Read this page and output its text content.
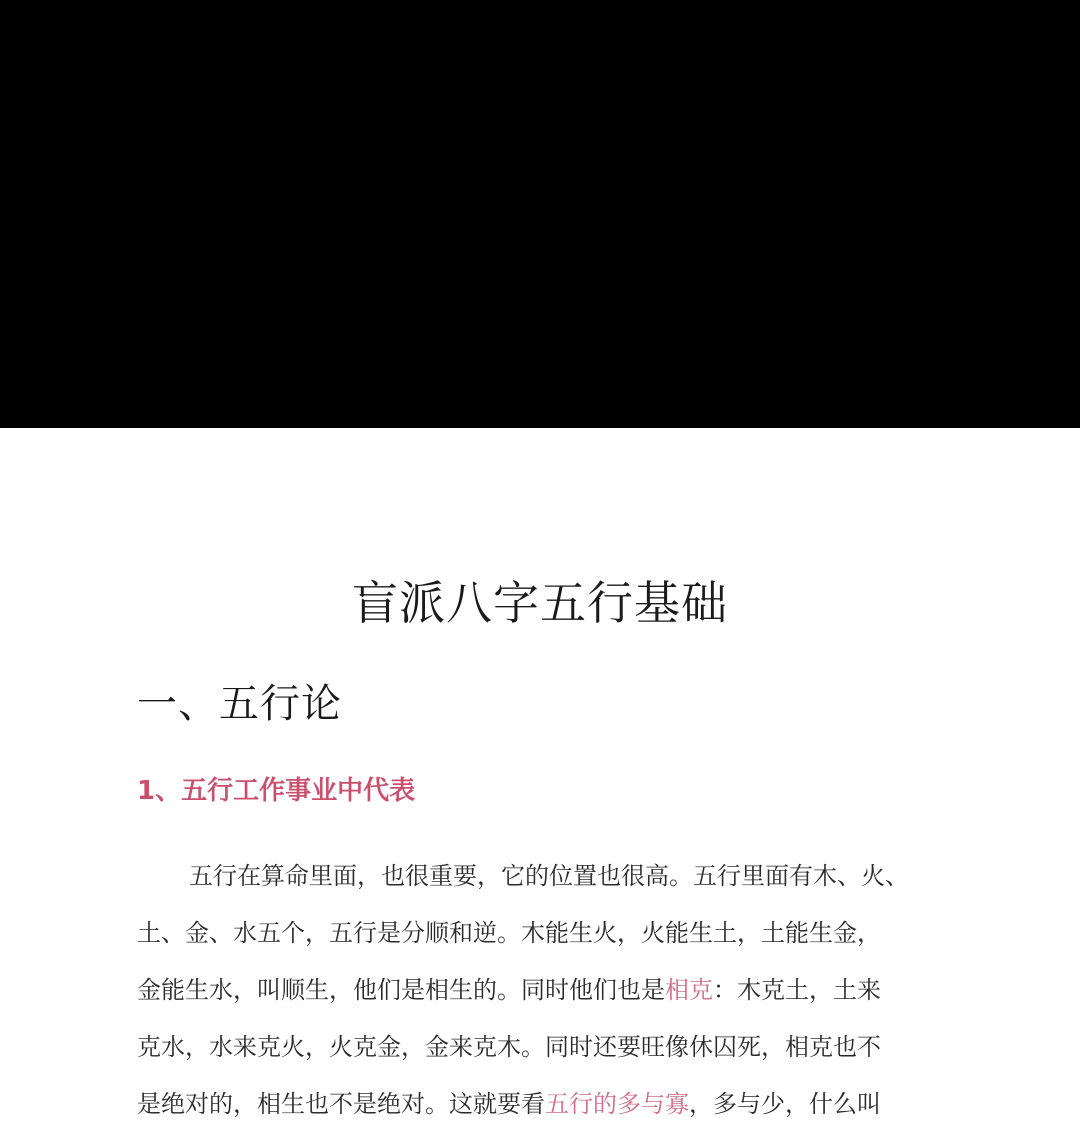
盲派八字五行基础
一、五行论
1、五行工作事业中代表
五行在算命里面，也很重要，它的位置也很高。五行里面有木、火、
土、金、水五个，五行是分顺和逆。木能生火，火能生土，土能生金，
金能生水，叫顺生，他们是相生的。同时他们也是相克：木克土，土来
克水，水来克火，火克金，金来克木。同时还要旺像休囚死，相克也不
是绝对的，相生也不是绝对。这就要看五行的多与寡，多与少，什么叫
